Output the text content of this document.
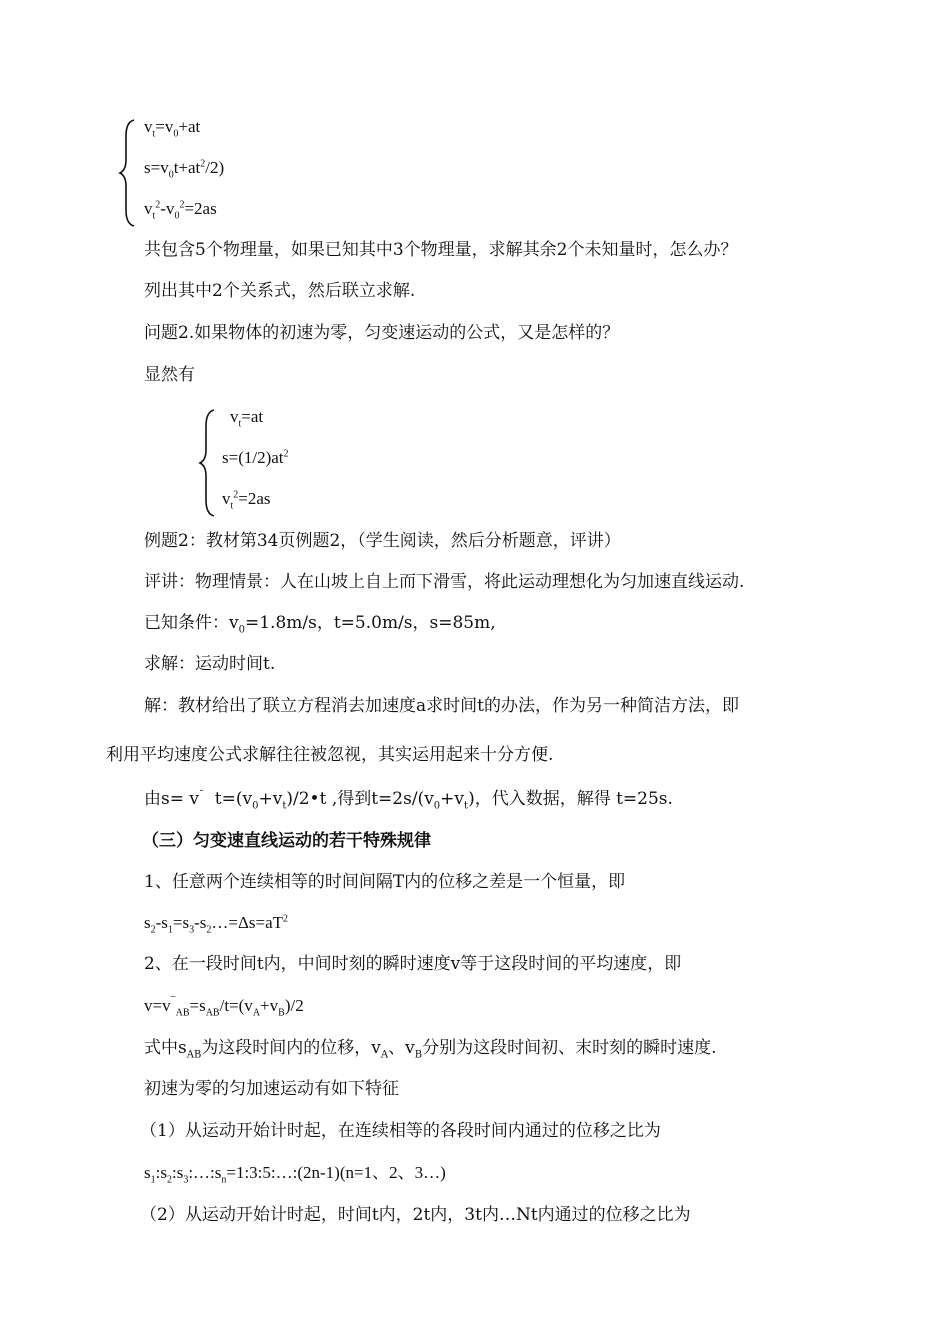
$v_t=v_0+at$
$s=v_0t+at^2/2$)
$v_t^2-v_0^2=2as$
共包含5个物理量，如果已知其中3个物理量，求解其余2个未知量时，怎么办？
列出其中2个关系式，然后联立求解.
问题2.如果物体的初速为零，匀变速运动的公式，又是怎样的？
显然有
$v_t=at$
$s=(1/2)at^2$
$v_t^2=2as$
例题2：教材第34页例题2，（学生阅读，然后分析题意，评讲）
评讲：物理情景：人在山坡上自上而下滑雪，将此运动理想化为匀加速直线运动.
已知条件：$v_0=1.8m/s$，t=5.0m/s，s=85m,
求解：运动时间t.
解：教材给出了联立方程消去加速度a求时间t的办法，作为另一种简洁方法，即
利用平均速度公式求解往往被忽视，其实运用起来十分方便.
由s= v¯  $t=(v_0+v_t)/2•t$ ,得到$t=2s/(v_0+v_t)$，代入数据，解得 t=25s.
（三）匀变速直线运动的若干特殊规律
1、任意两个连续相等的时间间隔T内的位移之差是一个恒量，即
$s_2-s_1=s_3-s_2\dots=\Delta s=aT^2$
2、在一段时间t内，中间时刻的瞬时速度v等于这段时间的平均速度，即
$v=v^¯_{AB}=s_{AB}/t=(v_A+v_B)/2$
式中$s_{AB}$为这段时间内的位移，$v_A$、$v_B$分别为这段时间初、末时刻的瞬时速度.
初速为零的匀加速运动有如下特征
（1）从运动开始计时起，在连续相等的各段时间内通过的位移之比为
$s_1:s_2:s_3:\dots:s_n=1:3:5:\dots:(2n-1)(n=1$、2、3…)
（2）从运动开始计时起，时间t内，2t内，3t内…Nt内通过的位移之比为
